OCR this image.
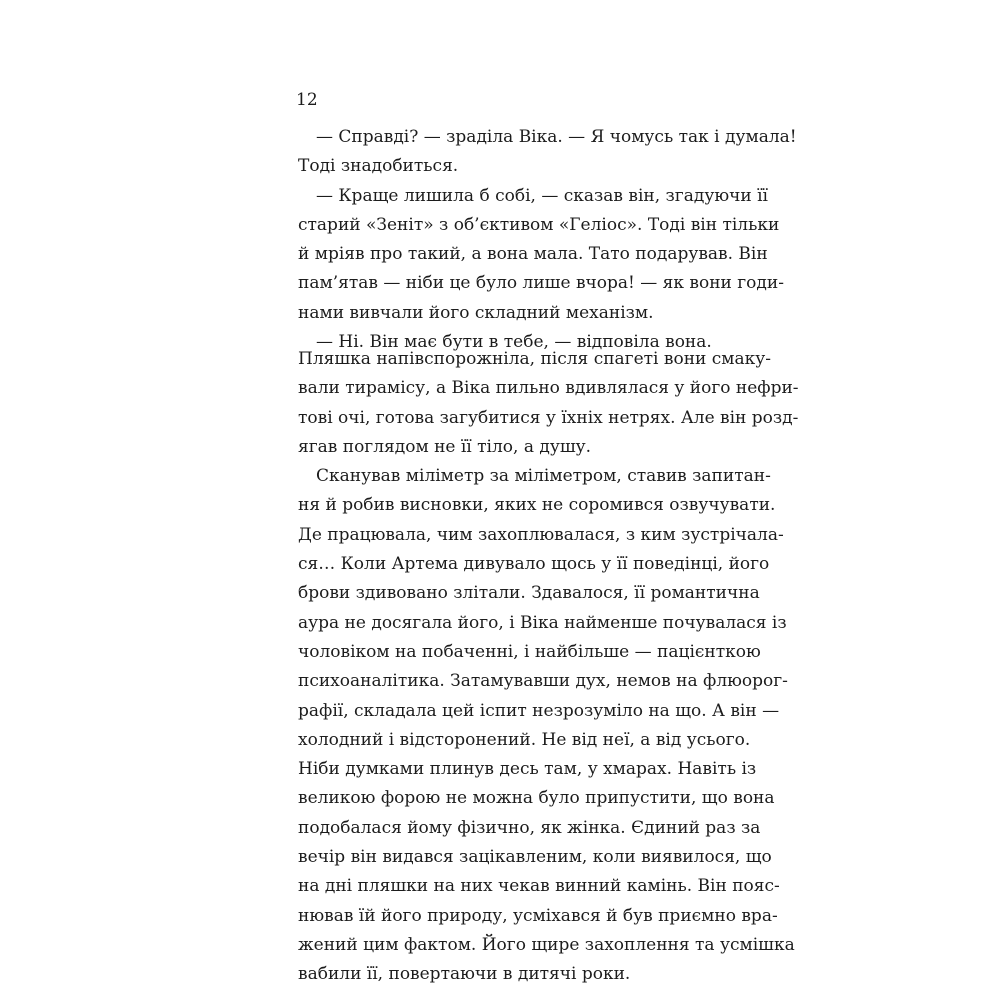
12
— Справді? — зраділа Віка. — Я чомусь так і думала!
Тоді знадобиться.
— Краще лишила б собі, — сказав він, згадуючи її
старий «Зеніт» з об’єктивом «Геліос». Тоді він тільки
й мріяв про такий, а вона мала. Тато подарував. Він
пам’ятав — ніби це було лише вчора! — як вони годи-
нами вивчали його складний механізм.
— Ні. Він має бути в тебе, — відповіла вона.
Пляшка напівспорожніла, після спагеті вони смаку-
вали тирамісу, а Віка пильно вдивлялася у його нефри-
тові очі, готова загубитися у їхніх нетрях. Але він розд-
ягав поглядом не її тіло, а душу.
Сканував міліметр за міліметром, ставив запитан-
ня й робив висновки, яких не соромився озвучувати.
Де працювала, чим захоплювалася, з ким зустрічала-
ся… Коли Артема дивувало щось у її поведінці, його
брови здивовано злітали. Здавалося, її романтична
аура не досягала його, і Віка найменше почувалася із
чоловіком на побаченні, і найбільше — пацієнткою
психоаналітика. Затамувавши дух, немов на флюорог-
рафії, складала цей іспит незрозуміло на що. А він —
холодний і відсторонений. Не від неї, а від усього.
Ніби думками плинув десь там, у хмарах. Навіть із
великою форою не можна було припустити, що вона
подобалася йому фізично, як жінка. Єдиний раз за
вечір він видався зацікавленим, коли виявилося, що
на дні пляшки на них чекав винний камінь. Він пояс-
нював їй його природу, усміхався й був приємно вра-
жений цим фактом. Його щире захоплення та усмішка
вабили її, повертаючи в дитячі роки.
